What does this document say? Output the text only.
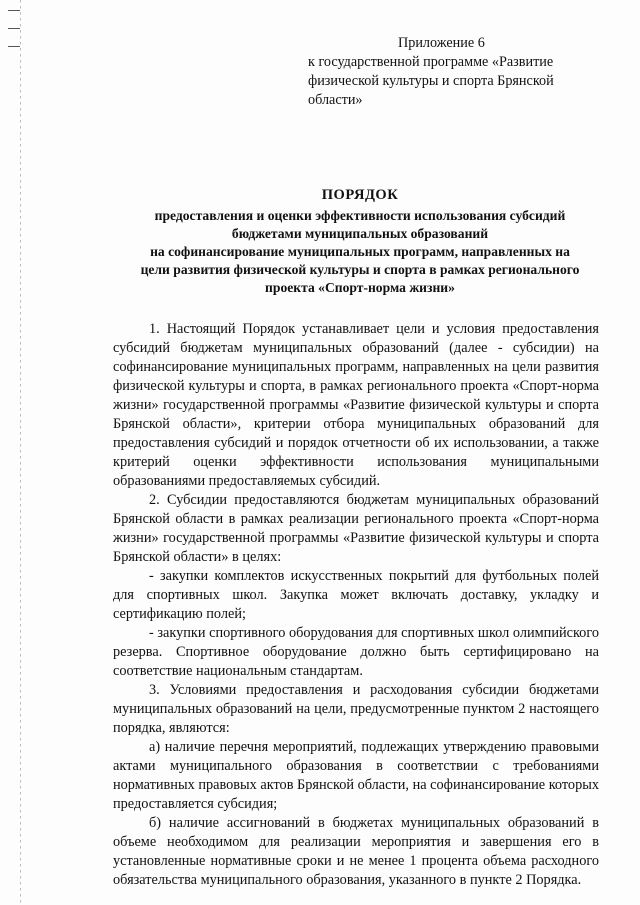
Приложение 6
к государственной программе «Развитие физической культуры и спорта Брянской области»
ПОРЯДОК
предоставления и оценки эффективности использования субсидий
бюджетами муниципальных образований
на софинансирование муниципальных программ, направленных на
цели развития физической культуры и спорта в рамках регионального
проекта «Спорт-норма жизни»

1. Настоящий Порядок устанавливает цели и условия предоставления субсидий бюджетам муниципальных образований (далее - субсидии) на софинансирование муниципальных программ, направленных на цели развития физической культуры и спорта, в рамках регионального проекта «Спорт-норма жизни» государственной программы «Развитие физической культуры и спорта Брянской области», критерии отбора муниципальных образований для предоставления субсидий и порядок отчетности об их использовании, а также критерий оценки эффективности использования муниципальными образованиями предоставляемых субсидий.

2. Субсидии предоставляются бюджетам муниципальных образований Брянской области в рамках реализации регионального проекта «Спорт-норма жизни» государственной программы «Развитие физической культуры и спорта Брянской области» в целях:

- закупки комплектов искусственных покрытий для футбольных полей для спортивных школ. Закупка может включать доставку, укладку и сертификацию полей;

- закупки спортивного оборудования для спортивных школ олимпийского резерва. Спортивное оборудование должно быть сертифицировано на соответствие национальным стандартам.

3. Условиями предоставления и расходования субсидии бюджетами муниципальных образований на цели, предусмотренные пунктом 2 настоящего порядка, являются:

а) наличие перечня мероприятий, подлежащих утверждению правовыми актами муниципального образования в соответствии с требованиями нормативных правовых актов Брянской области, на софинансирование которых предоставляется субсидия;

б) наличие ассигнований в бюджетах муниципальных образований в объеме необходимом для реализации мероприятия и завершения его в установленные нормативные сроки и не менее 1 процента объема расходного обязательства муниципального образования, указанного в пункте 2 Порядка.
